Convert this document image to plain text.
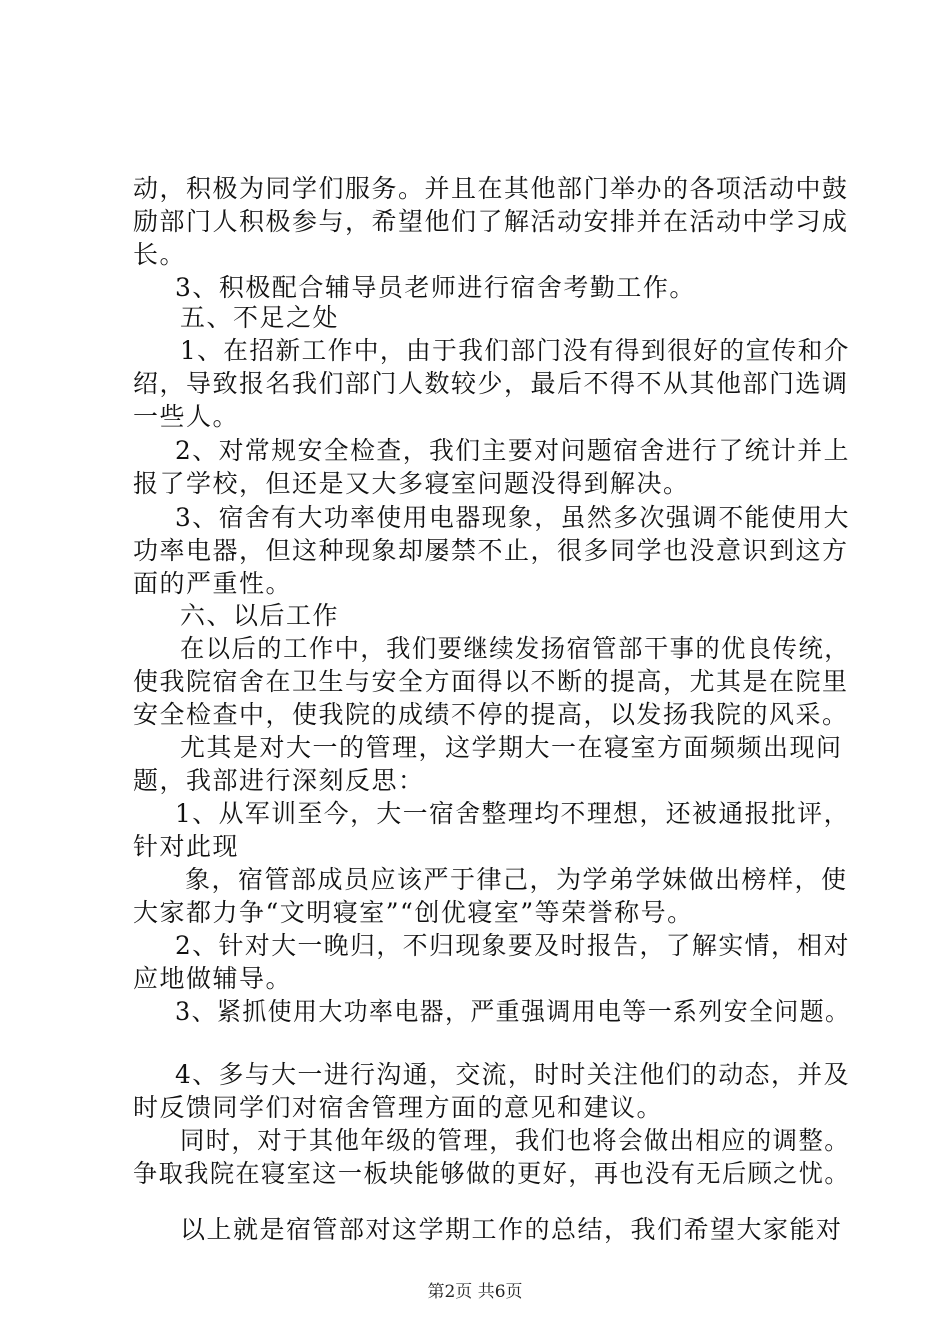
动，积极为同学们服务。并且在其他部门举办的各项活动中鼓
励部门人积极参与，希望他们了解活动安排并在活动中学习成
长。
3、积极配合辅导员老师进行宿舍考勤工作。
五、不足之处
1、在招新工作中，由于我们部门没有得到很好的宣传和介
绍，导致报名我们部门人数较少，最后不得不从其他部门选调
一些人。
2、对常规安全检查，我们主要对问题宿舍进行了统计并上
报了学校，但还是又大多寝室问题没得到解决。
3、宿舍有大功率使用电器现象，虽然多次强调不能使用大
功率电器，但这种现象却屡禁不止，很多同学也没意识到这方
面的严重性。
六、以后工作
在以后的工作中，我们要继续发扬宿管部干事的优良传统，
使我院宿舍在卫生与安全方面得以不断的提高，尤其是在院里
安全检查中，使我院的成绩不停的提高，以发扬我院的风采。
尤其是对大一的管理，这学期大一在寝室方面频频出现问
题，我部进行深刻反思：
1、从军训至今，大一宿舍整理均不理想，还被通报批评，
针对此现
象，宿管部成员应该严于律己，为学弟学妹做出榜样，使
大家都力争“文明寝室”“创优寝室”等荣誉称号。
2、针对大一晚归，不归现象要及时报告，了解实情，相对
应地做辅导。
3、紧抓使用大功率电器，严重强调用电等一系列安全问题。
4、多与大一进行沟通，交流，时时关注他们的动态，并及
时反馈同学们对宿舍管理方面的意见和建议。
同时，对于其他年级的管理，我们也将会做出相应的调整。
争取我院在寝室这一板块能够做的更好，再也没有无后顾之忧。
以上就是宿管部对这学期工作的总结，我们希望大家能对
第2页 共6页
